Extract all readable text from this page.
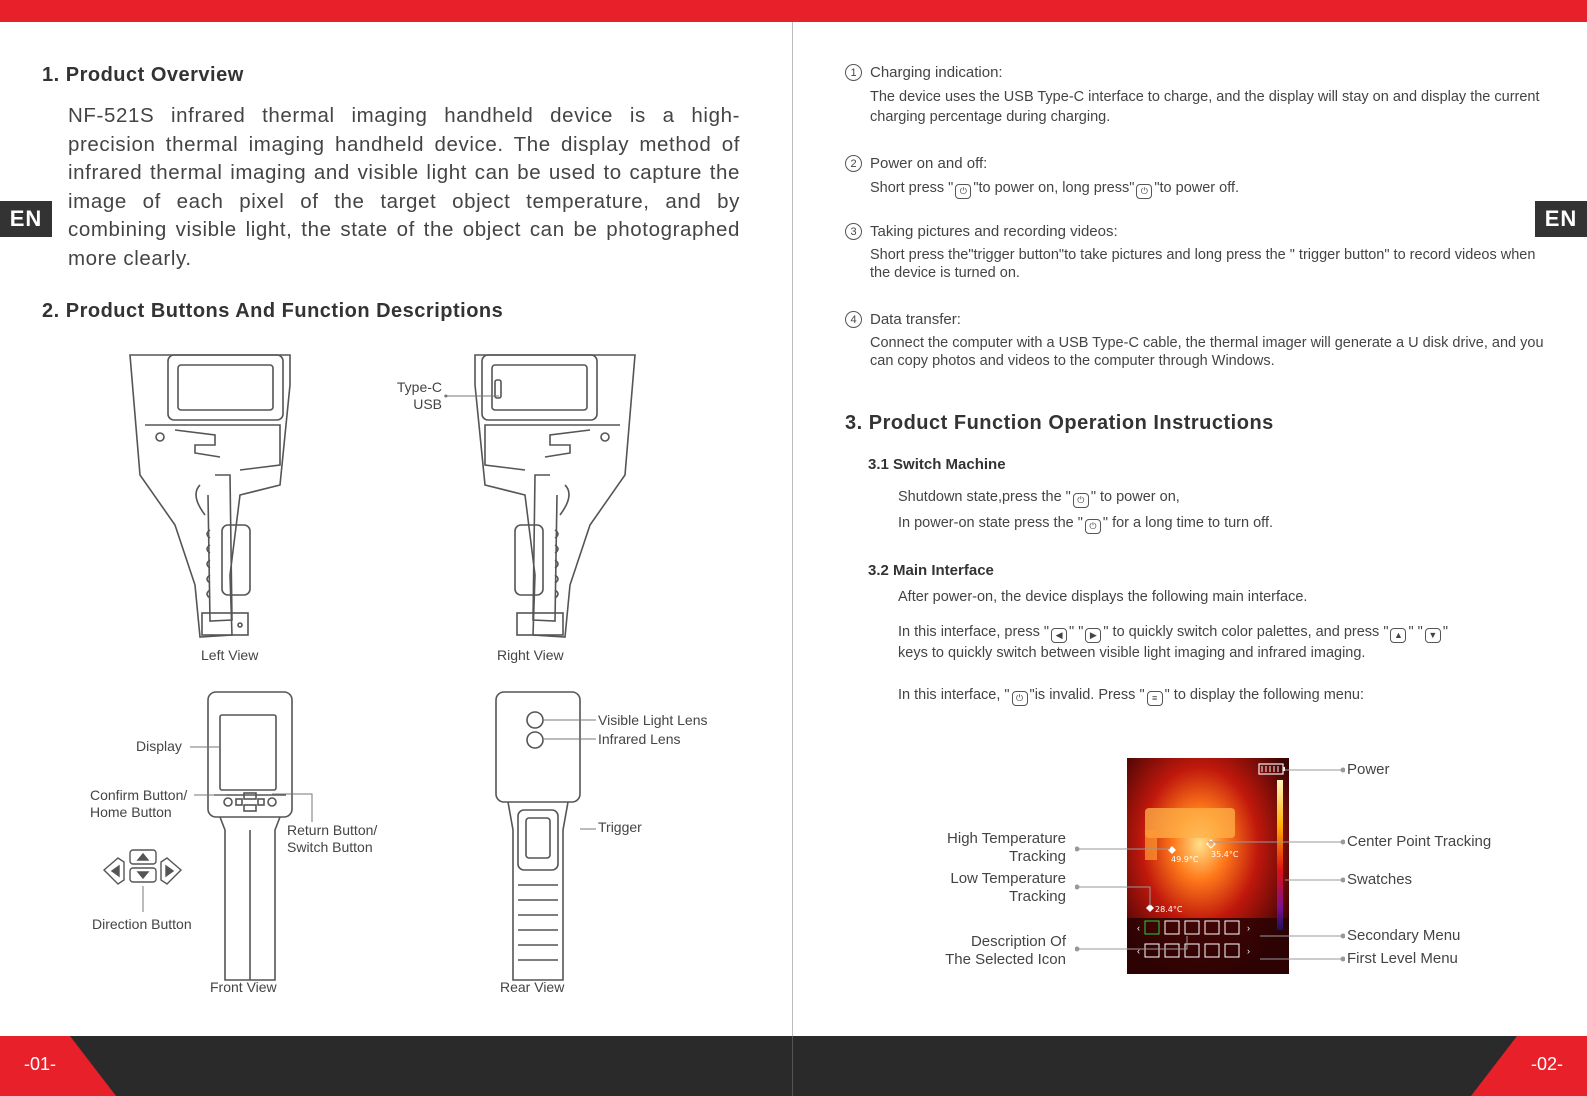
EN
1. Product Overview

NF-521S infrared thermal imaging handheld device is a high-precision thermal imaging handheld device. The display method of infrared thermal imaging and visible light can be used to capture the image of each pixel of the target object temperature, and by combining visible light, the state of the object can be photographed more clearly.

2. Product Buttons And Function Descriptions
Left View
Type-C
USB
Right View
Display
Confirm Button/
Home Button
Return Button/
Switch Button
Direction Button
Front View
Visible Light Lens
Infrared Lens
Trigger
Rear View
EN
1 Charging indication:
The device uses the USB Type-C interface to charge, and the display will stay on and display the current charging percentage during charging.
2 Power on and off:
Short press " ⏻ "to power on, long press" ⏻ "to power off.
3 Taking pictures and recording videos:
Short press the"trigger button"to take pictures and long press the " trigger button" to record videos when the device is turned on.
4 Data transfer:
Connect the computer with a USB Type-C cable, the thermal imager will generate a U disk drive, and you can copy photos and videos to the computer through Windows.
3. Product Function Operation Instructions
3.1 Switch Machine
Shutdown state,press the " ⏻ " to power on,
In power-on state press the " ⏻ " for a long time to turn off.
3.2 Main Interface
After power-on, the device displays the following main interface.
In this interface, press " ◀ " " ▶ " to quickly switch color palettes, and press " ▲ " " ▼ "
keys to quickly switch between visible light imaging and infrared imaging.
In this interface, " ⏻ "is invalid. Press " ≡ " to display the following menu:
49.9°C
35.4°C
28.4°C
‹	›
‹	›
Power
Center Point Tracking
Swatches
Secondary Menu
First Level Menu
High Temperature
Tracking
Low Temperature
Tracking
Description Of
The Selected Icon
-01-	-02-
